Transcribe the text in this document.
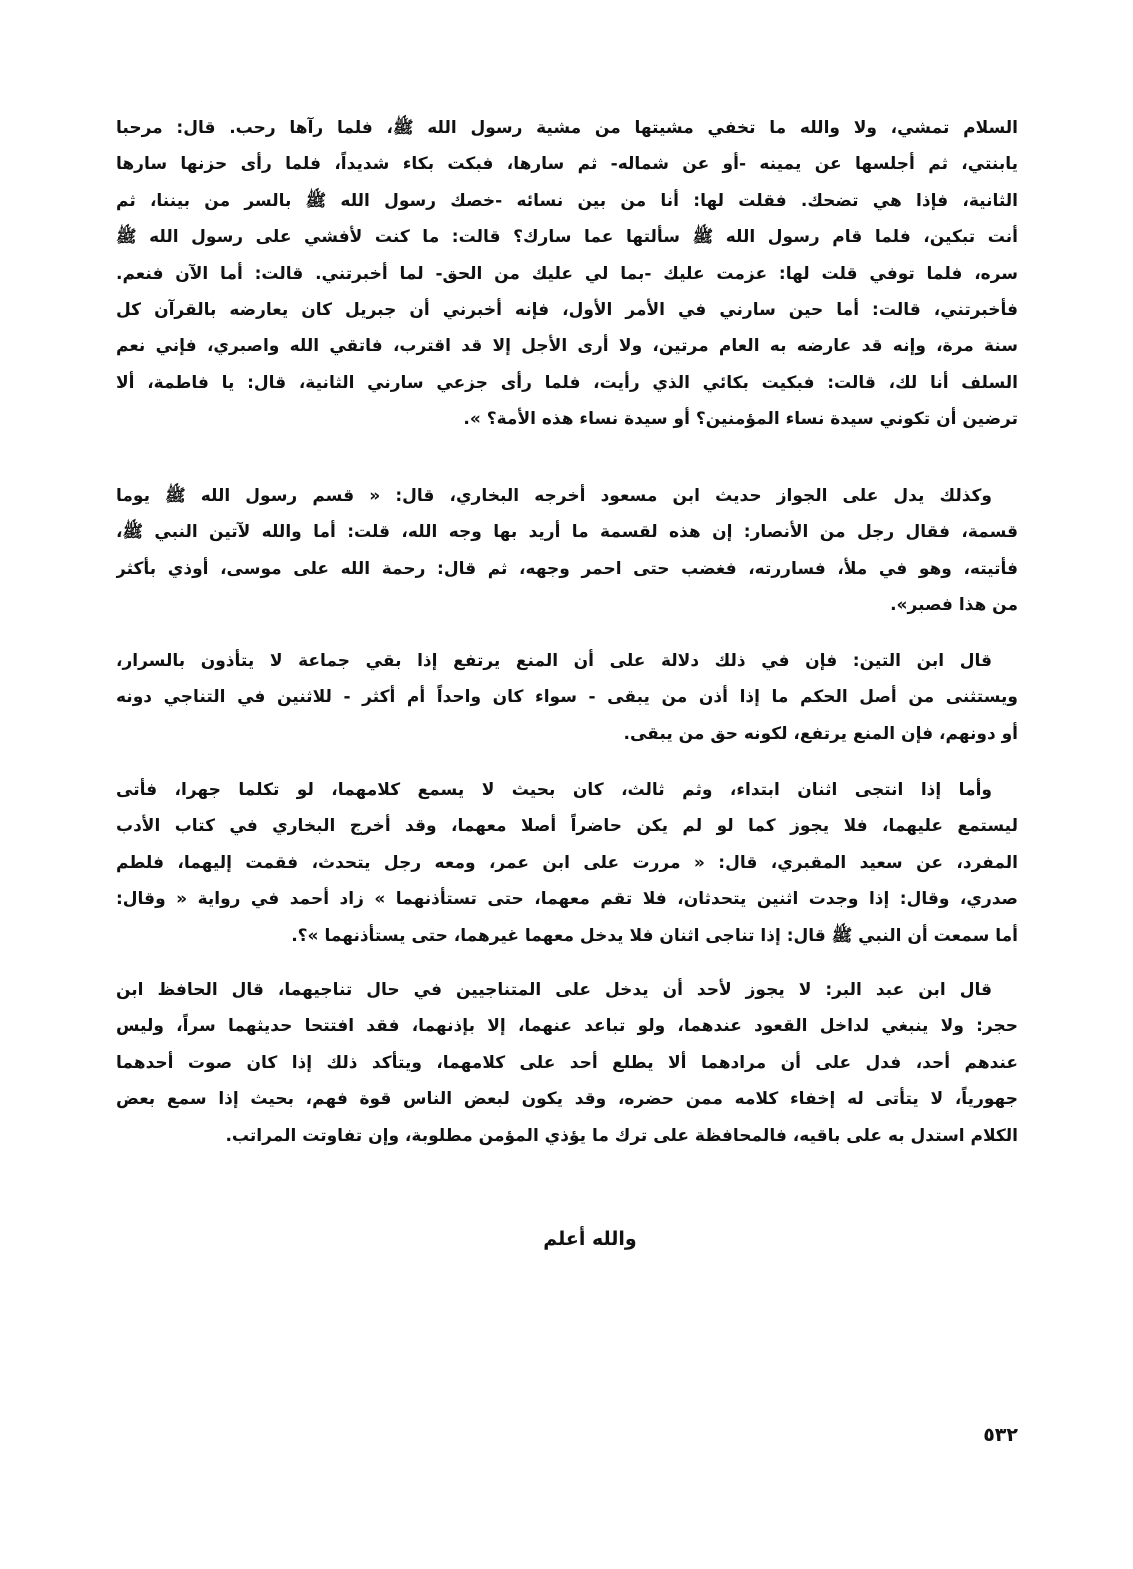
السلام تمشي، ولا والله ما تخفي مشيتها من مشية رسول الله ﷺ، فلما رآها رحب. قال: مرحبا
يابنتي، ثم أجلسها عن يمينه -أو عن شماله- ثم سارها، فبكت بكاء شديداً، فلما رأى حزنها سارها
الثانية، فإذا هي تضحك. فقلت لها: أنا من بين نسائه -خصك رسول الله ﷺ بالسر من بيننا، ثم
أنت تبكين، فلما قام رسول الله ﷺ سألتها عما سارك؟ قالت: ما كنت لأفشي على رسول الله ﷺ
سره، فلما توفي قلت لها: عزمت عليك -بما لي عليك من الحق- لما أخبرتني. قالت: أما الآن فنعم.
فأخبرتني، قالت: أما حين سارني في الأمر الأول، فإنه أخبرني أن جبريل كان يعارضه بالقرآن كل
سنة مرة، وإنه قد عارضه به العام مرتين، ولا أرى الأجل إلا قد اقترب، فاتقي الله واصبري، فإني نعم
السلف أنا لك، قالت: فبكيت بكائي الذي رأيت، فلما رأى جزعي سارني الثانية، قال: يا فاطمة، ألا
ترضين أن تكوني سيدة نساء المؤمنين؟ أو سيدة نساء هذه الأمة؟ ».
وكذلك يدل على الجواز حديث ابن مسعود أخرجه البخاري، قال: « قسم رسول الله ﷺ يوما
قسمة، فقال رجل من الأنصار: إن هذه لقسمة ما أريد بها وجه الله، قلت: أما والله لآتين النبي ﷺ،
فأتيته، وهو في ملأ، فساررته، فغضب حتى احمر وجهه، ثم قال: رحمة الله على موسى، أوذي بأكثر
من هذا فصبر».
قال ابن التين: فإن في ذلك دلالة على أن المنع يرتفع إذا بقي جماعة لا يتأذون بالسرار،
ويستثنى من أصل الحكم ما إذا أذن من يبقى - سواء كان واحداً أم أكثر - للاثنين في التناجي دونه
أو دونهم، فإن المنع يرتفع، لكونه حق من يبقى.
وأما إذا انتجى اثنان ابتداء، وثم ثالث، كان بحيث لا يسمع كلامهما، لو تكلما جهرا، فأتى
ليستمع عليهما، فلا يجوز كما لو لم يكن حاضراً أصلا معهما، وقد أخرج البخاري في كتاب الأدب
المفرد، عن سعيد المقبري، قال: « مررت على ابن عمر، ومعه رجل يتحدث، فقمت إليهما، فلطم
صدري، وقال: إذا وجدت اثنين يتحدثان، فلا تقم معهما، حتى تستأذنهما » زاد أحمد في رواية « وقال:
أما سمعت أن النبي ﷺ قال: إذا تناجى اثنان فلا يدخل معهما غيرهما، حتى يستأذنهما »؟.
قال ابن عبد البر: لا يجوز لأحد أن يدخل على المتناجيين في حال تناجيهما، قال الحافظ ابن
حجر: ولا ينبغي لداخل القعود عندهما، ولو تباعد عنهما، إلا بإذنهما، فقد افتتحا حديثهما سراً، وليس
عندهم أحد، فدل على أن مرادهما ألا يطلع أحد على كلامهما، ويتأكد ذلك إذا كان صوت أحدهما
جهورياً، لا يتأتى له إخفاء كلامه ممن حضره، وقد يكون لبعض الناس قوة فهم، بحيث إذا سمع بعض
الكلام استدل به على باقيه، فالمحافظة على ترك ما يؤذي المؤمن مطلوبة، وإن تفاوتت المراتب.
والله أعلم
٥٣٢
